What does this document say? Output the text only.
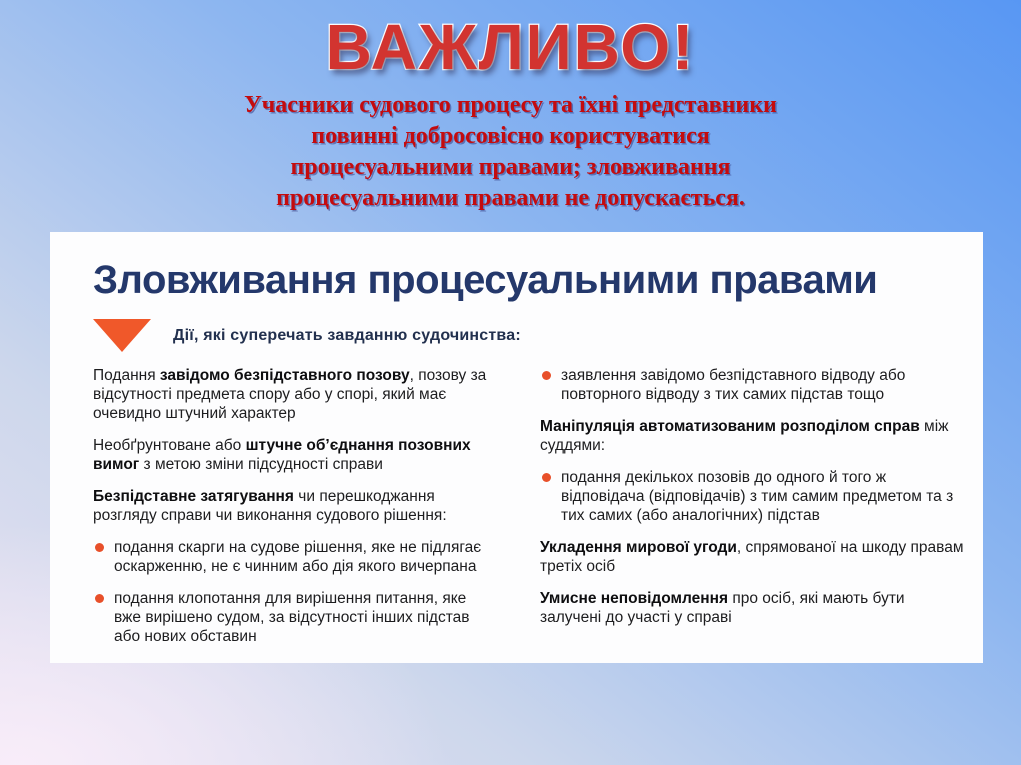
ВАЖЛИВО!
Учасники судового процесу та їхні представники
повинні добросовісно користуватися
процесуальними правами; зловживання
процесуальними правами не допускається.
Зловживання процесуальними правами
Дії, які суперечать завданню судочинства:

Подання завідомо безпідставного позову, позову за відсутності предмета спору або у спорі, який має очевидно штучний характер

Необґрунтоване або штучне об’єднання позовних вимог з метою зміни підсудності справи

Безпідставне затягування чи перешкоджання розгляду справи чи виконання судового рішення:

подання скарги на судове рішення, яке не підлягає оскарженню, не є чинним або дія якого вичерпана

подання клопотання для вирішення питання, яке вже вирішено судом, за відсутності інших підстав або нових обставин

заявлення завідомо безпідставного відводу або повторного відводу з тих самих підстав тощо

Маніпуляція автоматизованим розподілом справ між суддями:

подання декількох позовів до одного й того ж відповідача (відповідачів) з тим самим предметом та з тих самих (або аналогічних) підстав

Укладення мирової угоди, спрямованої на шкоду правам третіх осіб

Умисне неповідомлення про осіб, які мають бути залучені до участі у справі
